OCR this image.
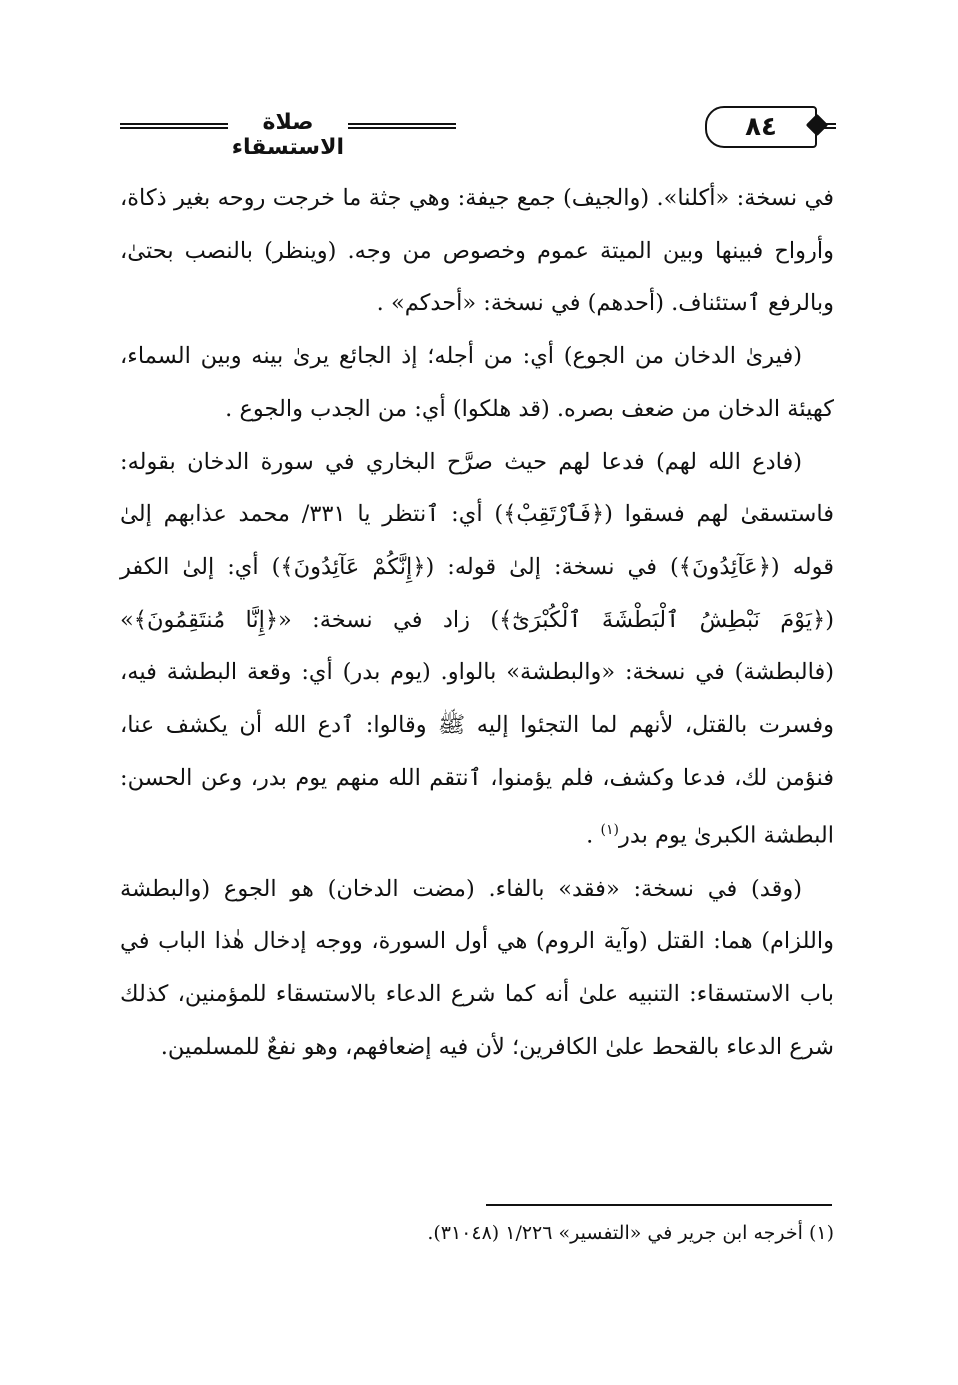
صلاة الاستسقاء
٨٤

في نسخة: «أكلنا». (والجيف) جمع جيفة: وهي جثة ما خرجت روحه بغير ذكاة، وأرواح فبينها وبين الميتة عموم وخصوص من وجه. (وينظر) بالنصب بحتىٰ، وبالرفع ٱستئناف. (أحدهم) في نسخة: «أحدكم» .

(فيرىٰ الدخان من الجوع) أي: من أجله؛ إذ الجائع يرىٰ بينه وبين السماء، كهيئة الدخان من ضعف بصره. (قد هلكوا) أي: من الجدب والجوع .

(فادع الله لهم) فدعا لهم حيث صرَّح البخاري في سورة الدخان بقوله: فاستسقىٰ لهم فسقوا (﴿فَٱرْتَقِبْ﴾) أي: ٱنتظر يا ٣٣١/ محمد عذابهم إلىٰ قوله (﴿عَآئِدُونَ﴾) في نسخة: إلىٰ قوله: (﴿إِنَّكُمْ عَآئِدُونَ﴾) أي: إلىٰ الكفر (﴿يَوْمَ نَبْطِشُ ٱلْبَطْشَةَ ٱلْكُبْرَىٰٓ﴾) زاد في نسخة: «﴿إِنَّا مُنتَقِمُونَ﴾» (فالبطشة) في نسخة: «والبطشة» بالواو. (يوم بدر) أي: وقعة البطشة فيه، وفسرت بالقتل، لأنهم لما التجئوا إليه ﷺ وقالوا: ٱدع الله أن يكشف عنا، فنؤمن لك، فدعا وكشف، فلم يؤمنوا، ٱنتقم الله منهم يوم بدر، وعن الحسن: البطشة الكبرىٰ يوم بدر$^{(١)}$ .

(وقد) في نسخة: «فقد» بالفاء. (مضت الدخان) هو الجوع (والبطشة واللزام) هما: القتل (وآية الروم) هي أول السورة، ووجه إدخال هٰذا الباب في باب الاستسقاء: التنبيه علىٰ أنه كما شرع الدعاء بالاستسقاء للمؤمنين، كذلك شرع الدعاء بالقحط علىٰ الكافرين؛ لأن فيه إضعافهم، وهو نفعٌ للمسلمين.

(١) أخرجه ابن جرير في «التفسير» ١/٢٢٦ (٣١٠٤٨).
